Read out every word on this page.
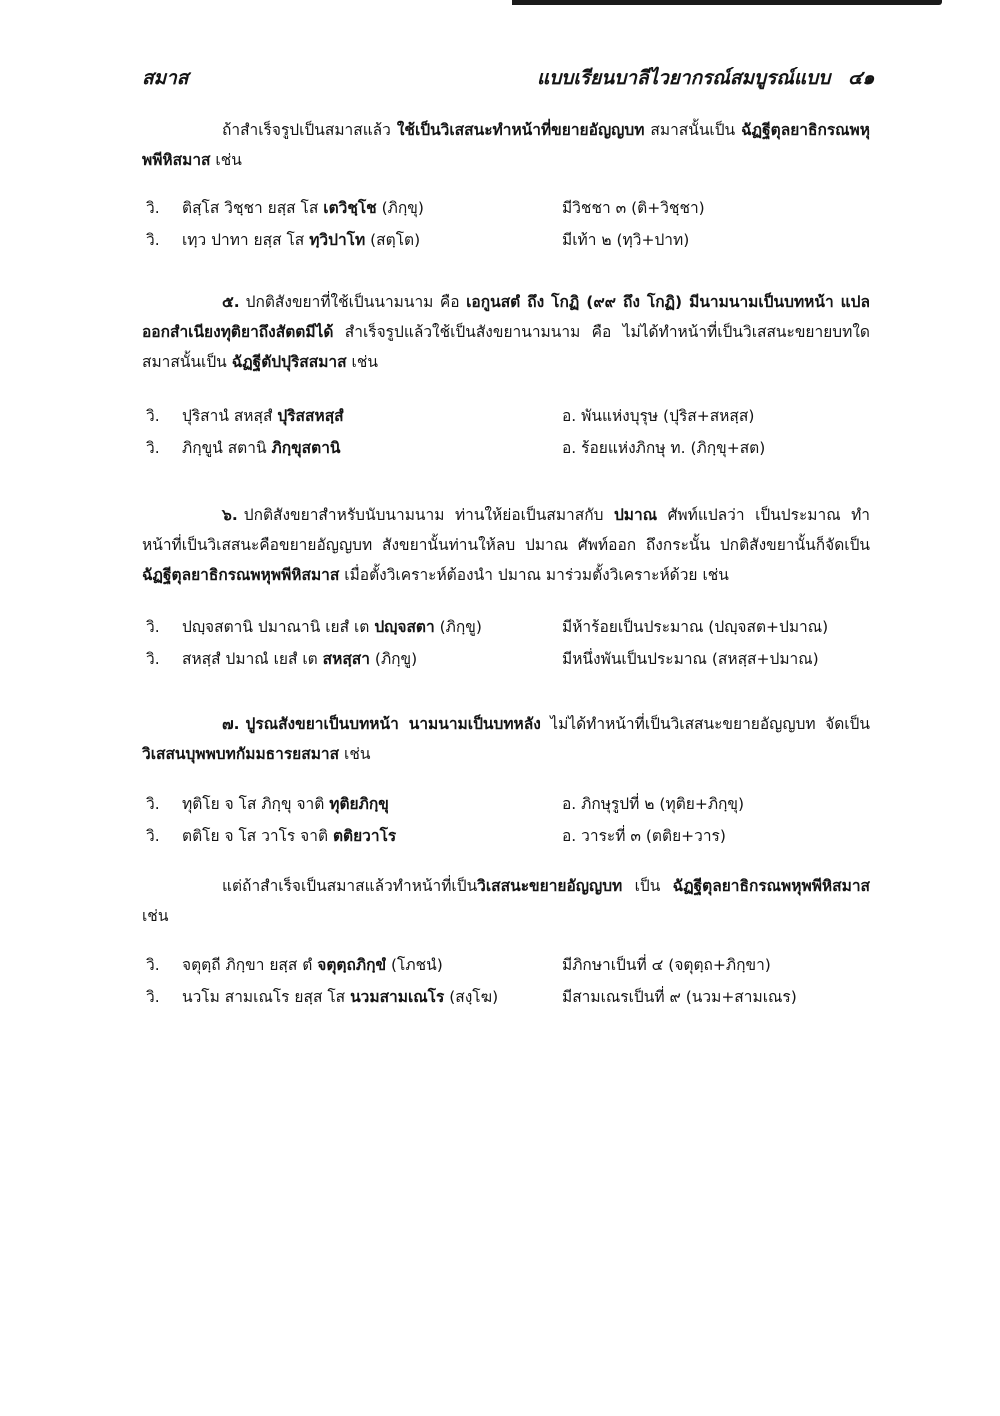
สมาส	แบบเรียนบาลีไวยากรณ์สมบูรณ์แบบ ๔๑

ถ้าสำเร็จรูปเป็นสมาสแล้ว ใช้เป็นวิเสสนะทำหน้าที่ขยายอัญญบท สมาสนั้นเป็น ฉัฏฐีตุลยาธิกรณพหุพพีหิสมาส เช่น

วิ. ติสฺโส วิชฺชา ยสฺส โส เตวิชฺโช (ภิกฺขุ)	มีวิชชา ๓ (ติ+วิชฺชา)
วิ. เทฺว ปาทา ยสฺส โส ทฺวิปาโท (สตฺโต)	มีเท้า ๒ (ทฺวิ+ปาท)

๕. ปกติสังขยาที่ใช้เป็นนามนาม คือ เอกูนสตํ ถึง โกฏิ (๙๙ ถึง โกฏิ) มีนามนามเป็นบทหน้า แปลออกสำเนียงทุติยาถึงสัตตมีได้ สำเร็จรูปแล้วใช้เป็นสังขยานามนาม คือ ไม่ได้ทำหน้าที่เป็นวิเสสนะขยายบทใด สมาสนั้นเป็น ฉัฏฐีตัปปุริสสมาส เช่น

วิ. ปุริสานํ สหสฺสํ ปุริสสหสฺสํ	อ. พันแห่งบุรุษ (ปุริส+สหสฺส)
วิ. ภิกฺขูนํ สตานิ ภิกฺขุสตานิ	อ. ร้อยแห่งภิกษุ ท. (ภิกฺขุ+สต)

๖. ปกติสังขยาสำหรับนับนามนาม ท่านให้ย่อเป็นสมาสกับ ปมาณ ศัพท์แปลว่า เป็นประมาณ ทำหน้าที่เป็นวิเสสนะคือขยายอัญญบท สังขยานั้นท่านให้ลบ ปมาณ ศัพท์ออก ถึงกระนั้น ปกติสังขยานั้นก็จัดเป็น ฉัฏฐีตุลยาธิกรณพหุพพีหิสมาส เมื่อตั้งวิเคราะห์ต้องนำ ปมาณ มาร่วมตั้งวิเคราะห์ด้วย เช่น

วิ. ปญฺจสตานิ ปมาณานิ เยสํ เต ปญฺจสตา (ภิกฺขู)	มีห้าร้อยเป็นประมาณ (ปญฺจสต+ปมาณ)
วิ. สหสฺสํ ปมาณํ เยสํ เต สหสฺสา (ภิกฺขู)	มีหนึ่งพันเป็นประมาณ (สหสฺส+ปมาณ)

๗. ปูรณสังขยาเป็นบทหน้า นามนามเป็นบทหลัง ไม่ได้ทำหน้าที่เป็นวิเสสนะขยายอัญญบท จัดเป็น วิเสสนบุพพบทกัมมธารยสมาส เช่น

วิ. ทุติโย จ โส ภิกฺขุ จาติ ทุติยภิกฺขุ	อ. ภิกษุรูปที่ ๒ (ทุติย+ภิกฺขุ)
วิ. ตติโย จ โส วาโร จาติ ตติยวาโร	อ. วาระที่ ๓ (ตติย+วาร)

แต่ถ้าสำเร็จเป็นสมาสแล้วทำหน้าที่เป็นวิเสสนะขยายอัญญบท เป็น ฉัฏฐีตุลยาธิกรณพหุพพีหิสมาส เช่น

วิ. จตุตฺถี ภิกฺขา ยสฺส ตํ จตุตฺถภิกฺขํ (โภชนํ)	มีภิกษาเป็นที่ ๔ (จตุตฺถ+ภิกฺขา)
วิ. นวโม สามเณโร ยสฺส โส นวมสามเณโร (สงฺโฆ)	มีสามเณรเป็นที่ ๙ (นวม+สามเณร)
